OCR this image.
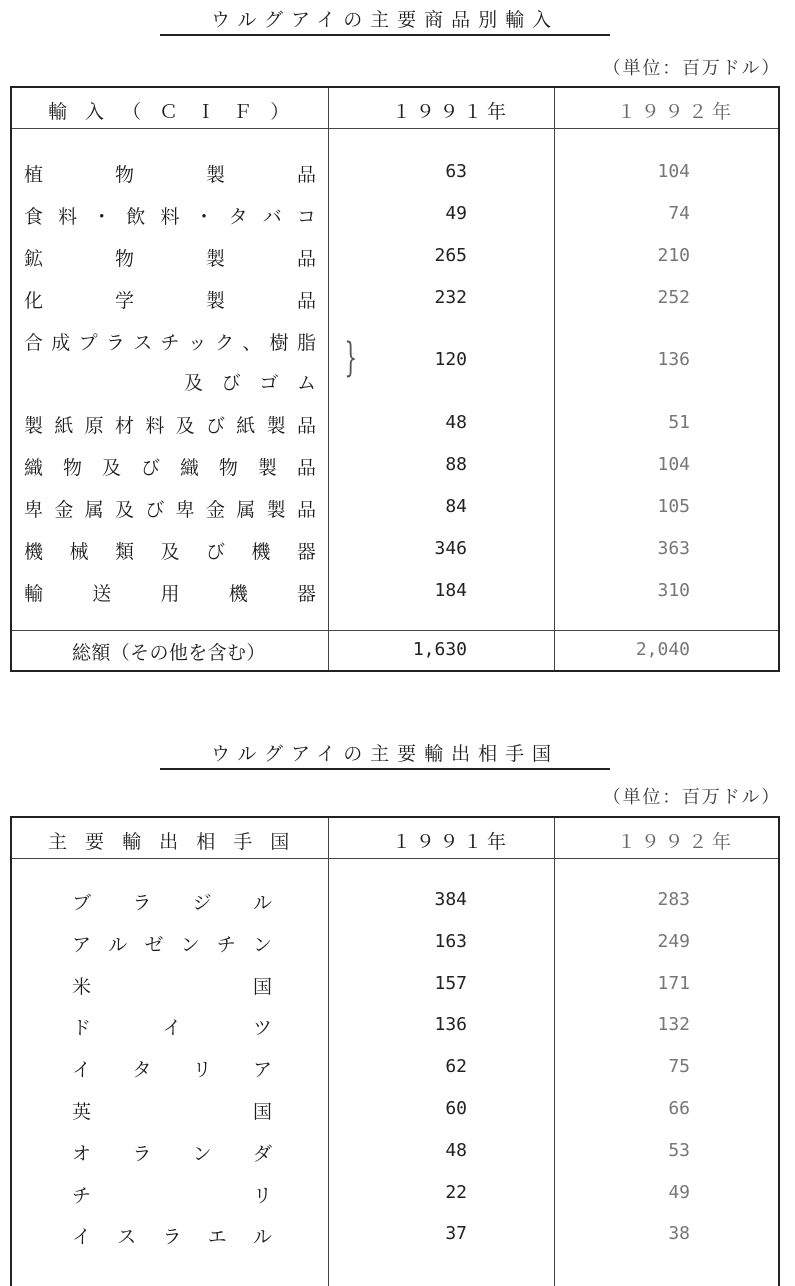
ウルグアイの主要商品別輸入
（単位：百万ドル）
輸入（ＣＩＦ）	１９９１年	１９９２年
植	物	製	品	63	104
食 料 ・ 飲 料 ・ タ バ コ	49	74
鉱	物	製	品	265	210
化	学	製	品	232	252
合 成 プ ラ ス チ ッ ク 、 樹 脂
及 び ゴ ム
}	120	136
製 紙 原 材 料 及 び 紙 製 品	48	51
織 物 及 び 織 物 製 品	88	104
卑 金 属 及 び 卑 金 属 製 品	84	105
機 械 類 及 び 機 器	346	363
輸	送	用	機	器	184	310
総額（その他を含む）	1,630	2,040
ウルグアイの主要輸出相手国
（単位：百万ドル）
主要輸出相手国	１９９１年	１９９２年
ブ ラ ジ ル	384	283
ア ル ゼ ン チ ン	163	249
米	国	157	171
ド	イ	ツ	136	132
イ タ リ ア	62	75
英	国	60	66
オ ラ ン ダ	48	53
チ	リ	22	49
イ ス ラ エ ル	37	38
